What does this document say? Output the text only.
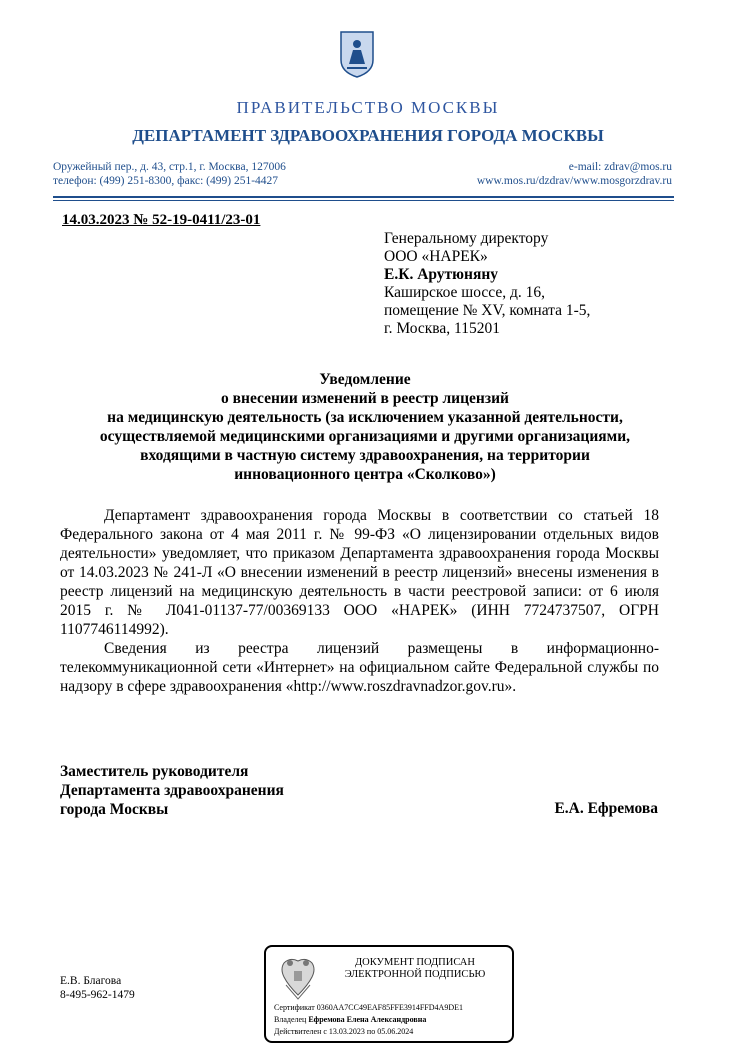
ПРАВИТЕЛЬСТВО МОСКВЫ
ДЕПАРТАМЕНТ ЗДРАВООХРАНЕНИЯ ГОРОДА МОСКВЫ
Оружейный пер., д. 43, стр.1, г. Москва, 127006
телефон: (499) 251-8300, факс: (499) 251-4427
e-mail: zdrav@mos.ru
www.mos.ru/dzdrav/www.mosgorzdrav.ru
14.03.2023 № 52-19-0411/23-01
Генеральному директору
ООО «НАРЕК»
Е.К. Арутюняну
Каширское шоссе, д. 16,
помещение № XV, комната 1-5,
г. Москва, 115201
Уведомление
о внесении изменений в реестр лицензий
на медицинскую деятельность (за исключением указанной деятельности,
осуществляемой медицинскими организациями и другими организациями,
входящими в частную систему здравоохранения, на территории
инновационного центра «Сколково»)

Департамент здравоохранения города Москвы в соответствии со статьей 18 Федерального закона от 4 мая 2011 г. № 99-ФЗ «О лицензировании отдельных видов деятельности» уведомляет, что приказом Департамента здравоохранения города Москвы от 14.03.2023 № 241-Л «О внесении изменений в реестр лицензий» внесены изменения в реестр лицензий на медицинскую деятельность в части реестровой записи: от 6 июля 2015 г. № Л041-01137-77/00369133 ООО «НАРЕК» (ИНН 7724737507, ОГРН 1107746114992).

Сведения из реестра лицензий размещены в информационно-телекоммуникационной сети «Интернет» на официальном сайте Федеральной службы по надзору в сфере здравоохранения «http://www.roszdravnadzor.gov.ru».

Заместитель руководителя
Департамента здравоохранения
города Москвы	Е.А. Ефремова
Е.В. Благова
8-495-962-1479
ДОКУМЕНТ ПОДПИСАН
ЭЛЕКТРОННОЙ ПОДПИСЬЮ
Сертификат 0360AA7CC49EAF85FFE3914FFD4A9DE1
Владелец Ефремова Елена Александровна
Действителен с 13.03.2023 по 05.06.2024
